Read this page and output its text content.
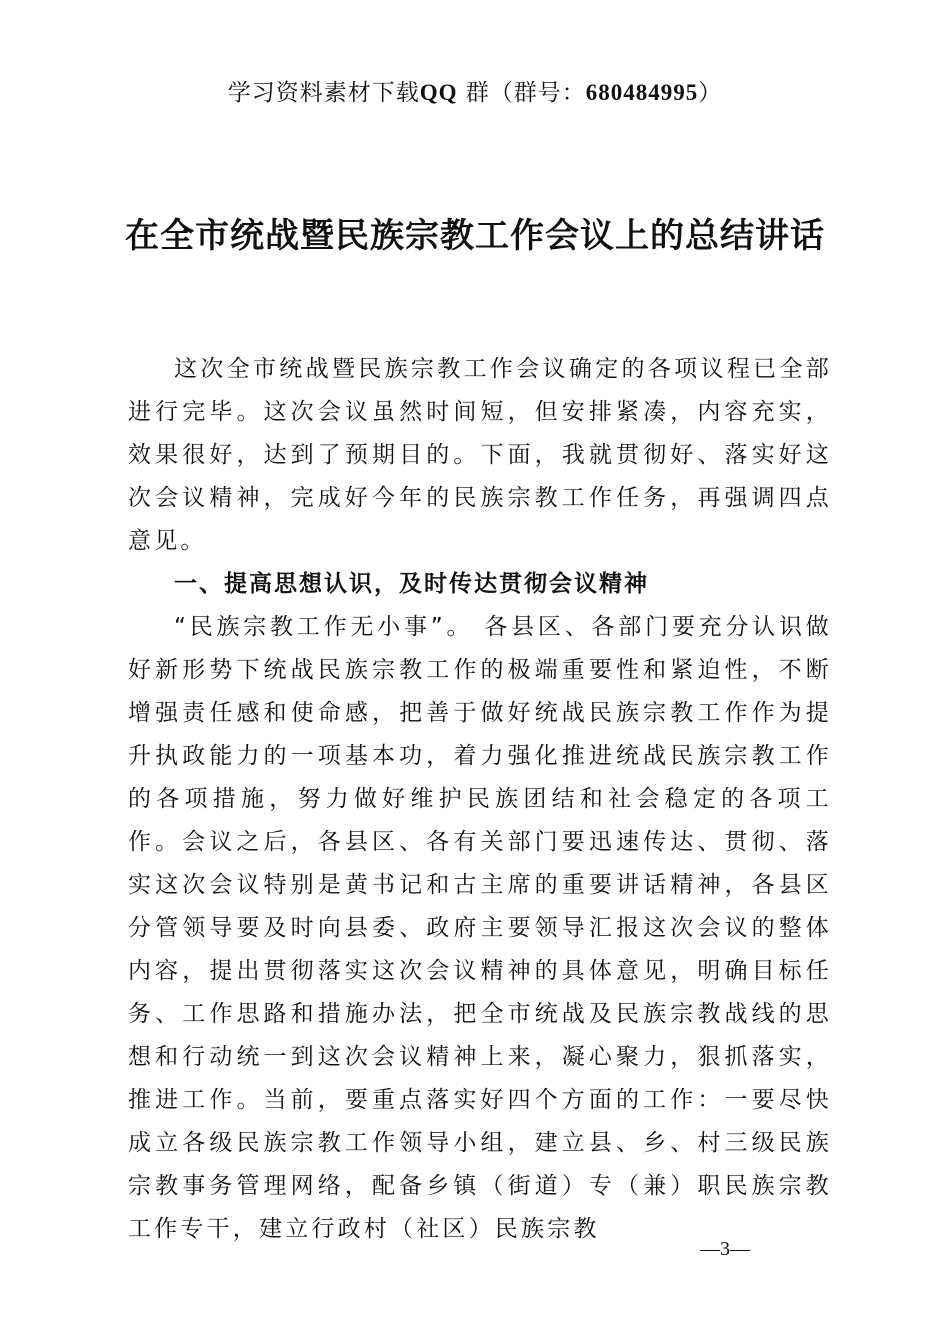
学习资料素材下载QQ 群（群号：680484995）
在全市统战暨民族宗教工作会议上的总结讲话

这次全市统战暨民族宗教工作会议确定的各项议程已全部进行完毕。这次会议虽然时间短，但安排紧凑，内容充实，效果很好，达到了预期目的。下面，我就贯彻好、落实好这次会议精神，完成好今年的民族宗教工作任务，再强调四点意见。

一、提高思想认识，及时传达贯彻会议精神

“民族宗教工作无小事”。 各县区、各部门要充分认识做好新形势下统战民族宗教工作的极端重要性和紧迫性，不断增强责任感和使命感，把善于做好统战民族宗教工作作为提升执政能力的一项基本功，着力强化推进统战民族宗教工作的各项措施，努力做好维护民族团结和社会稳定的各项工作。会议之后，各县区、各有关部门要迅速传达、贯彻、落实这次会议特别是黄书记和古主席的重要讲话精神，各县区分管领导要及时向县委、政府主要领导汇报这次会议的整体内容，提出贯彻落实这次会议精神的具体意见，明确目标任务、工作思路和措施办法，把全市统战及民族宗教战线的思想和行动统一到这次会议精神上来，凝心聚力，狠抓落实，推进工作。当前，要重点落实好四个方面的工作：一要尽快成立各级民族宗教工作领导小组，建立县、乡、村三级民族宗教事务管理网络，配备乡镇（街道）专（兼）职民族宗教工作专干，建立行政村（社区）民族宗教

—3—
